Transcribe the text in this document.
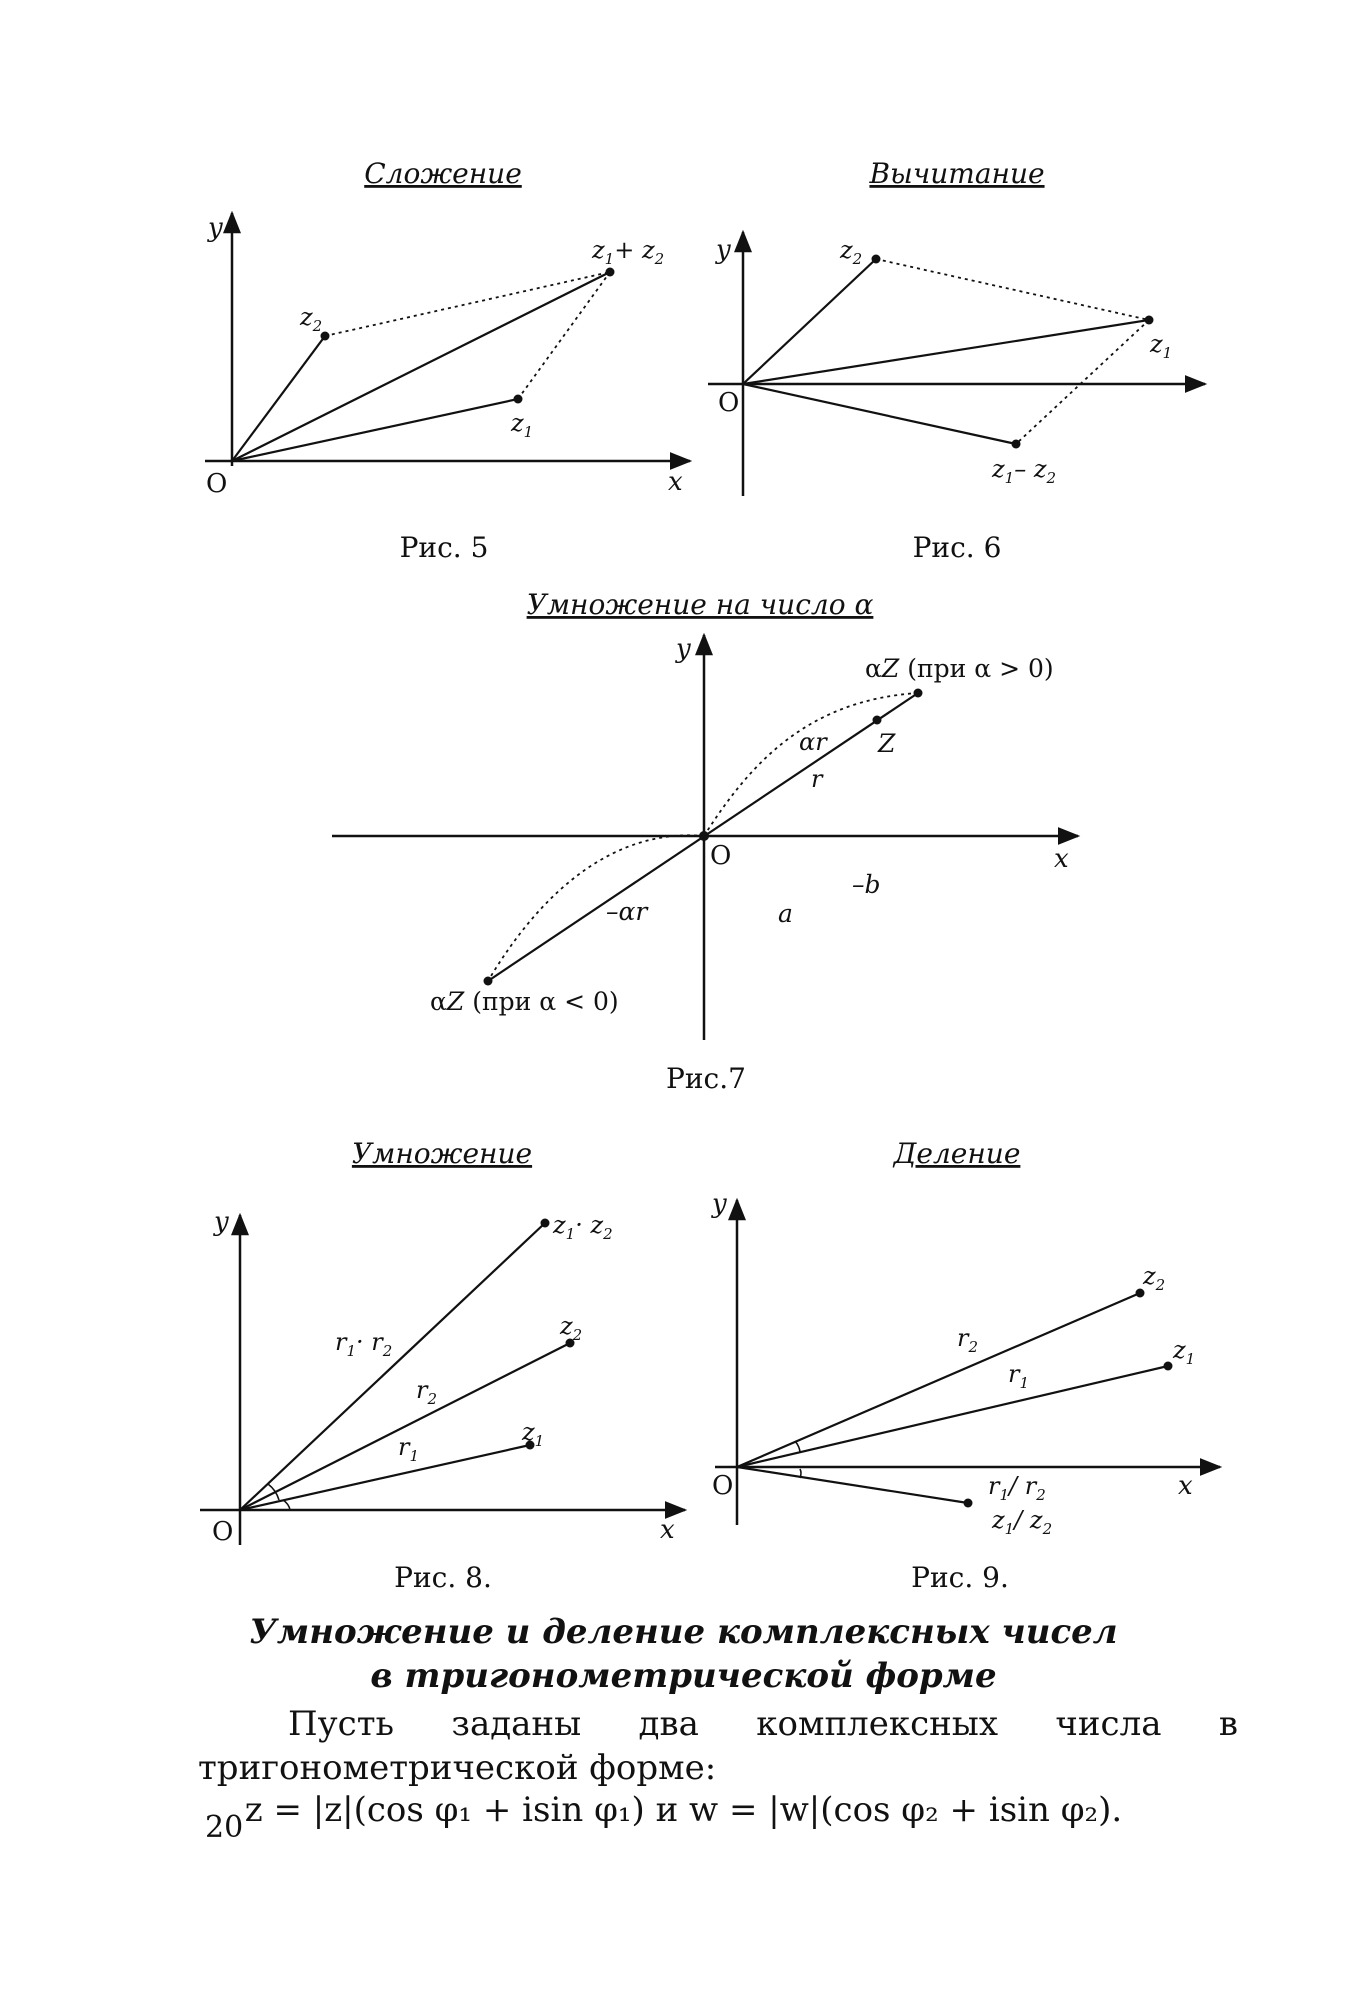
Сложение
y
x
O
$z_2$
$z_1$
$z_1+ z_2$
Рис. 5
Вычитание
y
O
$z_2$
$z_1$
$z_1-$ $z_2$
Рис. 6
Умножение на число α
y
x
O
αZ (при α > 0)
αZ (при α < 0)
αr
r
Z
–αr
–b
a
Рис.7
Умножение
y
x
O
$z_1\cdot z_2$
$z_2$
$z_1$
$r_1\cdot r_2$
$r_2$
$r_1$
Рис. 8.
Деление
y
x
O
$z_2$
$z_1$
$r_2$
$r_1$
$r_1/$ $r_2$
$z_1/$ $z_2$
Рис. 9.
Умножение и деление комплексных чисел
в тригонометрической форме
Пусть заданы два комплексных числа в тригонометрической форме:
z = |z|(cos φ₁ + isin φ₁) и w = |w|(cos φ₂ + isin φ₂).
20
